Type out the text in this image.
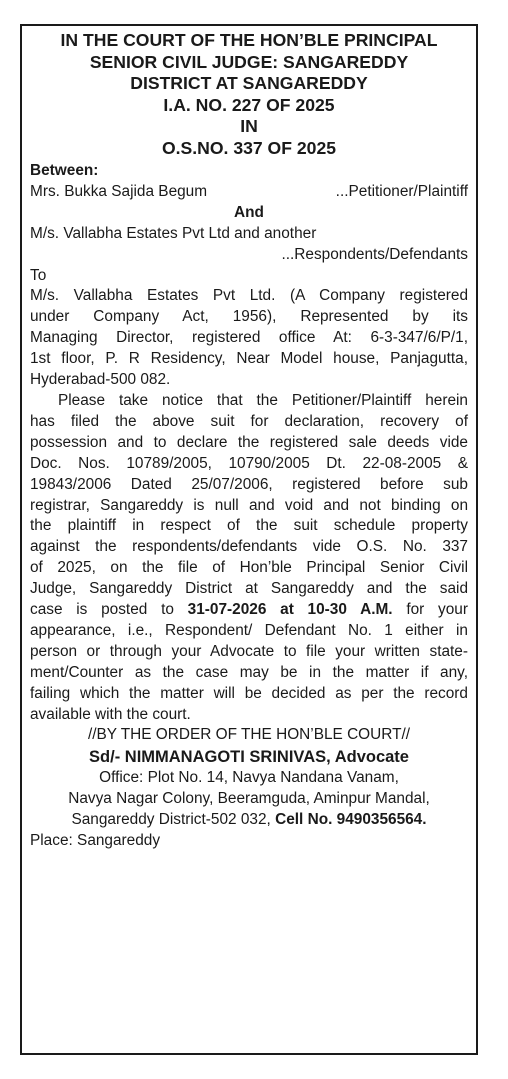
IN THE COURT OF THE HON’BLE PRINCIPAL
SENIOR CIVIL JUDGE: SANGAREDDY
DISTRICT AT SANGAREDDY
I.A. NO. 227 OF 2025
IN
O.S.NO. 337 OF 2025
Between:
Mrs. Bukka Sajida Begum	...Petitioner/Plaintiff
And
M/s. Vallabha Estates Pvt Ltd and another
...Respondents/Defendants
To
M/s. Vallabha Estates Pvt Ltd. (A Company registered
under Company Act, 1956), Represented by its
Managing Director, registered office At: 6-3-347/6/P/1,
1st floor, P. R Residency, Near Model house, Panjagutta,
Hyderabad-500 082.
Please take notice that the Petitioner/Plaintiff herein
has filed the above suit for declaration, recovery of
possession and to declare the registered sale deeds vide
Doc. Nos. 10789/2005, 10790/2005 Dt. 22-08-2005 &
19843/2006 Dated 25/07/2006, registered before sub
registrar, Sangareddy is null and void and not binding on
the plaintiff in respect of the suit schedule property
against the respondents/defendants vide O.S. No. 337
of 2025, on the file of Hon’ble Principal Senior Civil
Judge, Sangareddy District at Sangareddy and the said
case is posted to 31-07-2026 at 10-30 A.M. for your
appearance, i.e., Respondent/ Defendant No. 1 either in
person or through your Advocate to file your written state-
ment/Counter as the case may be in the matter if any,
failing which the matter will be decided as per the record
available with the court.
//BY THE ORDER OF THE HON’BLE COURT//
Sd/- NIMMANAGOTI SRINIVAS, Advocate
Office: Plot No. 14, Navya Nandana Vanam,
Navya Nagar Colony, Beeramguda, Aminpur Mandal,
Sangareddy District-502 032, Cell No. 9490356564.
Place: Sangareddy
